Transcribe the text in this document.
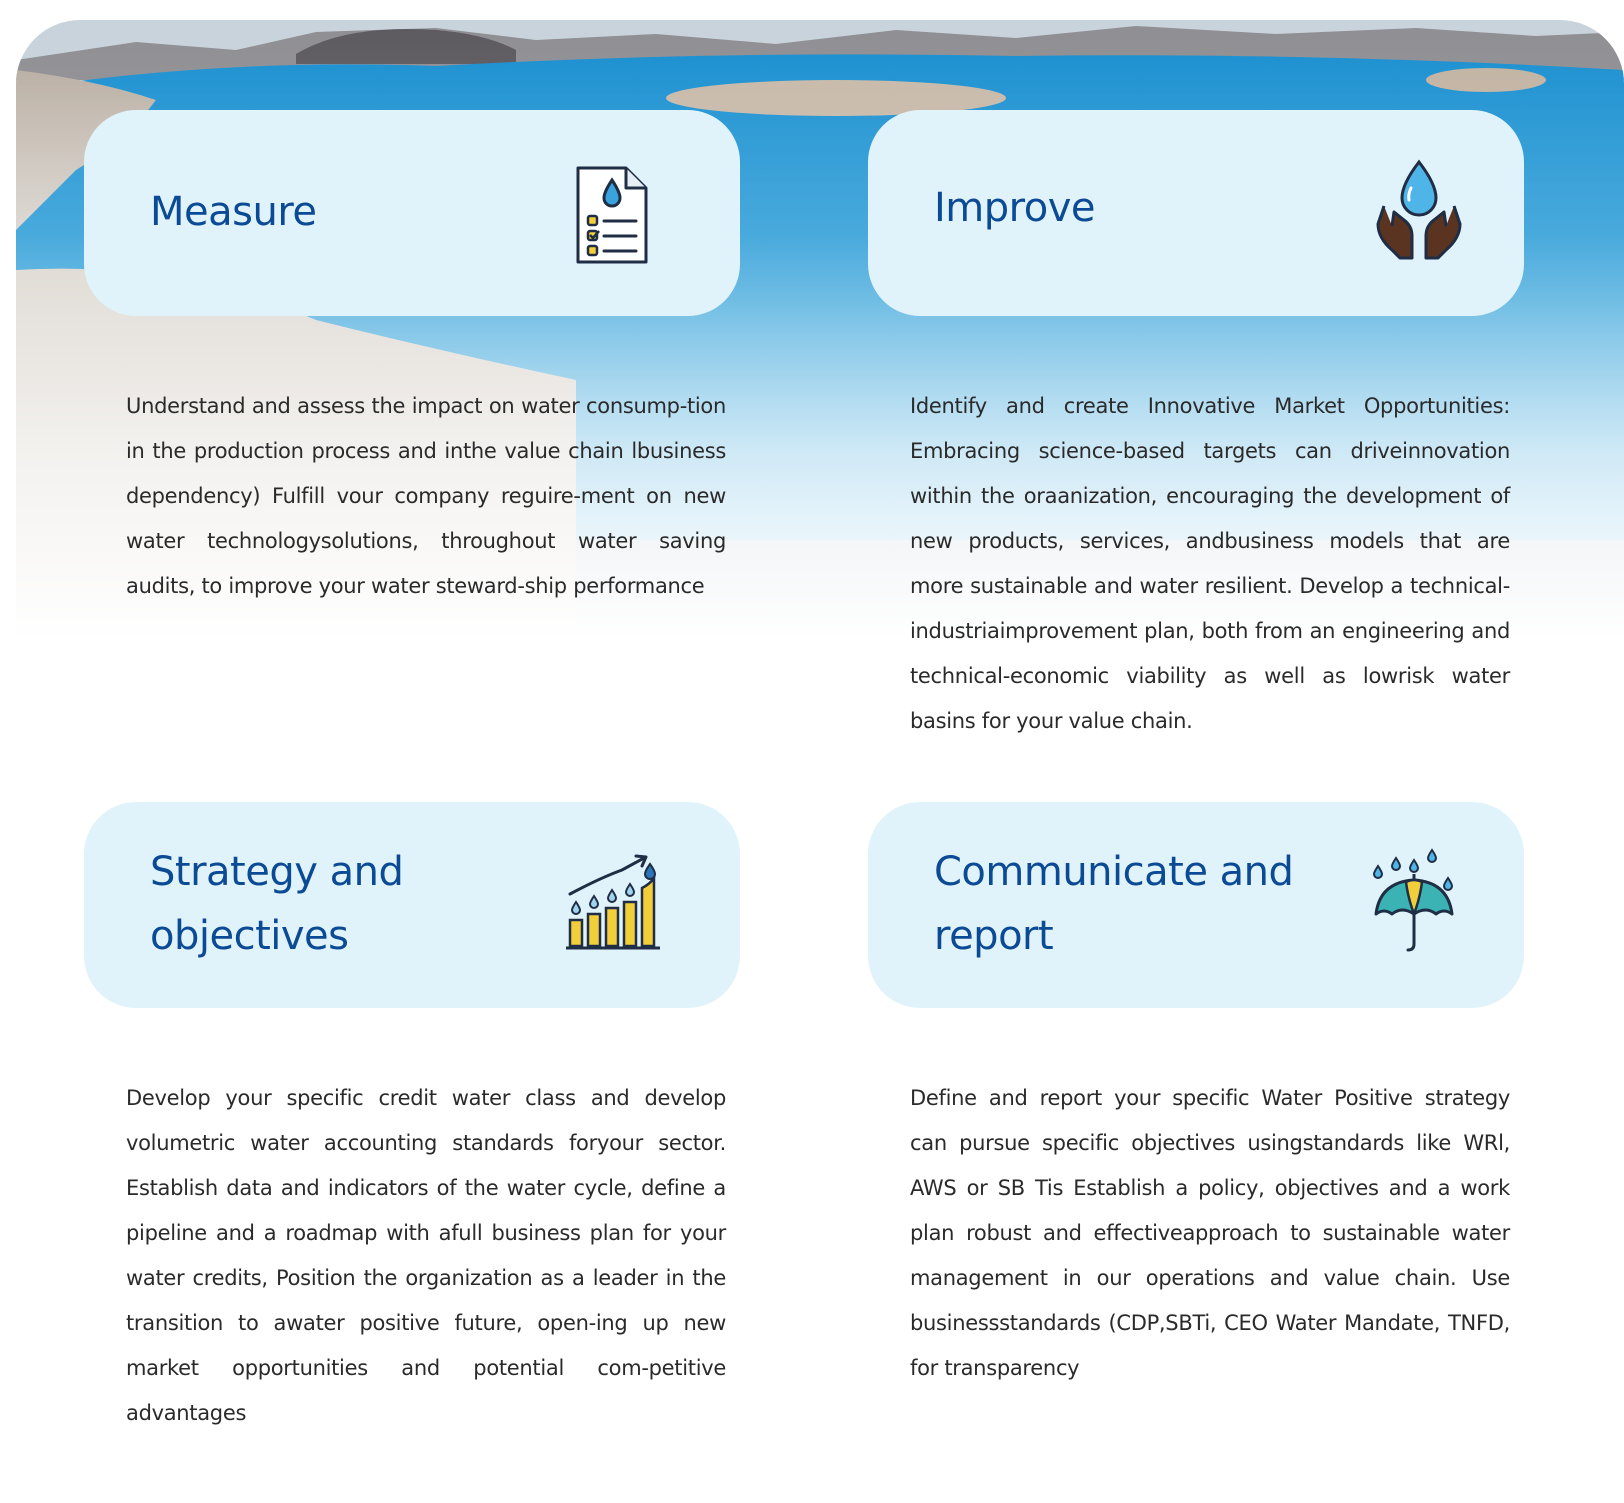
Measure	Improve
Understand and assess the impact on water consump-tion in the production process and inthe value chain lbusiness dependency) Fulfill vour company reguire-ment on new water technologysolutions, throughout water saving audits, to improve your water steward-ship performance
Identify and create Innovative Market Opportunities: Embracing science-based targets can driveinnovation within the oraanization, encouraging the development of new products, services, andbusiness models that are more sustainable and water resilient. Develop a technical-industriaimprovement plan, both from an engineering and technical-economic viability as well as lowrisk water basins for your value chain.
Strategy and objectives
Communicate and report
Develop your specific credit water class and develop volumetric water accounting standards foryour sector. Establish data and indicators of the water cycle, define a pipeline and a roadmap with afull business plan for your water credits, Position the organization as a leader in the transition to awater positive future, open-ing up new market opportunities and potential com-petitive advantages
Define and report your specific Water Positive strategy can pursue specific objectives usingstandards like WRl, AWS or SB Tis Establish a policy, objectives and a work plan robust and effectiveapproach to sustainable water management in our operations and value chain. Use businessstandards (CDP,SBTi, CEO Water Mandate, TNFD, for transparency
